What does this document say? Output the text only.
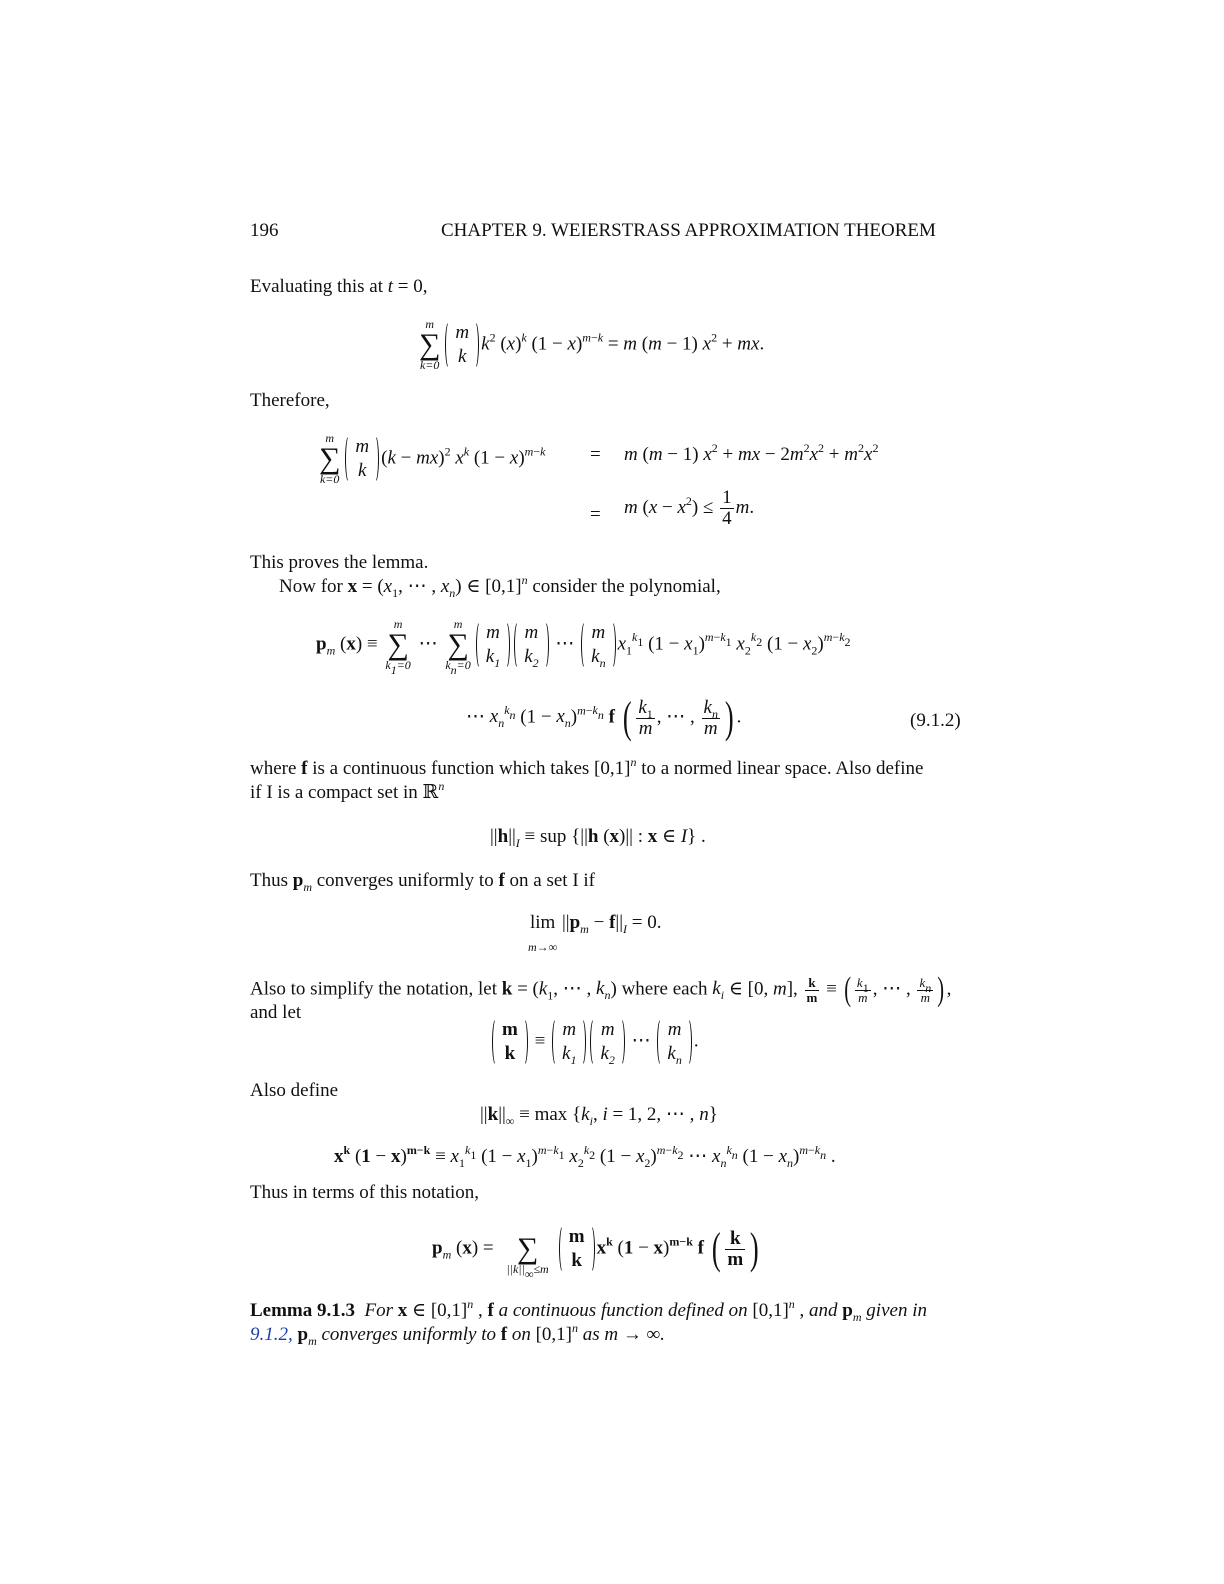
196	CHAPTER 9. WEIERSTRASS APPROXIMATION THEOREM
Evaluating this at t = 0,
m
∑
k=0
m
k
$k^2$ $(x)^k$ $(1 - x)^{m-k} = m$ (m − 1) $x^2$ + mx.
Therefore,
m
∑
k=0
m
k
(k − mx)$^2$ $x^k$ $(1 - x)^{m-k} = m$ (m − 1) $x^2$ + mx − $2m^2x^2 + m^2x^2$
= m $(x - x^2) \le \frac{1}{4} m$.
This proves the lemma.
Now for $x = (x_1$, ⋯ , $x_n$) ∈ $[0,1]^n$ consider the polynomial,
$p_m$ (x) ≡
m
∑
$k_1=0$
⋯
m
∑
$k_n=0$
m
$k_1$
m
$k_2$
⋯
m
$k_n$
$x_1^{k_1}$ $(1 - x_1)^{m-k_1}$ $x_2^{k_2}$ $(1 - x_2)^{m-k_2}$
⋯ $x_n^{k_n}$ $(1 - x_n)^{m-k_n}$ f ( $\frac{k_1}{m}$ , ⋯ , $\frac{k_n}{m}$ ) .	(9.1.2)
where f is a continuous function which takes $[0,1]^n$ to a normed linear space. Also define
if I is a compact set in ℝ$^n$
$||h||_I$ ≡ sup {||h (x)|| : x ∈ I} .
Thus $p_m$ converges uniformly to f on a set I if
lim
m→∞ $||p_m - f||_I = 0$.
Also to simplify the notation, let $k = (k_1$, ⋯ , $k_n$) where each $k_i$ ∈ [0, m], $\frac{k}{m}$ ≡ ( $\frac{k_1}{m}$ , ⋯ , $\frac{k_n}{m}$ ) ,
and let
m
k
≡
m
$k_1$
m
$k_2$
⋯
m
$k_n$
.
Also define
$||k||_\infty \equiv \max \{k_i$, i = 1, 2, ⋯ , n}
$x^k$ $(1 - x)^{m-k} \equiv x_1^{k_1}$ $(1 - x_1)^{m-k_1}$ $x_2^{k_2}$ $(1 - x_2)^{m-k_2}$ ⋯ $x_n^{k_n}$ $(1 - x_n)^{m-k_n}$ .
Thus in terms of this notation,
$p_m$ (x) =
∑
$||k||_\infty\le m$
m
k
$x^k$ $(1 - x)^{m-k}$ f ( $\frac{k}{m}$ )
Lemma 9.1.3 For x ∈ $[0,1]^n$ , f a continuous function defined on $[0,1]^n$ , and $p_m$ given in
9.1.2, $p_m$ converges uniformly to f on $[0,1]^n$ as m → ∞.
